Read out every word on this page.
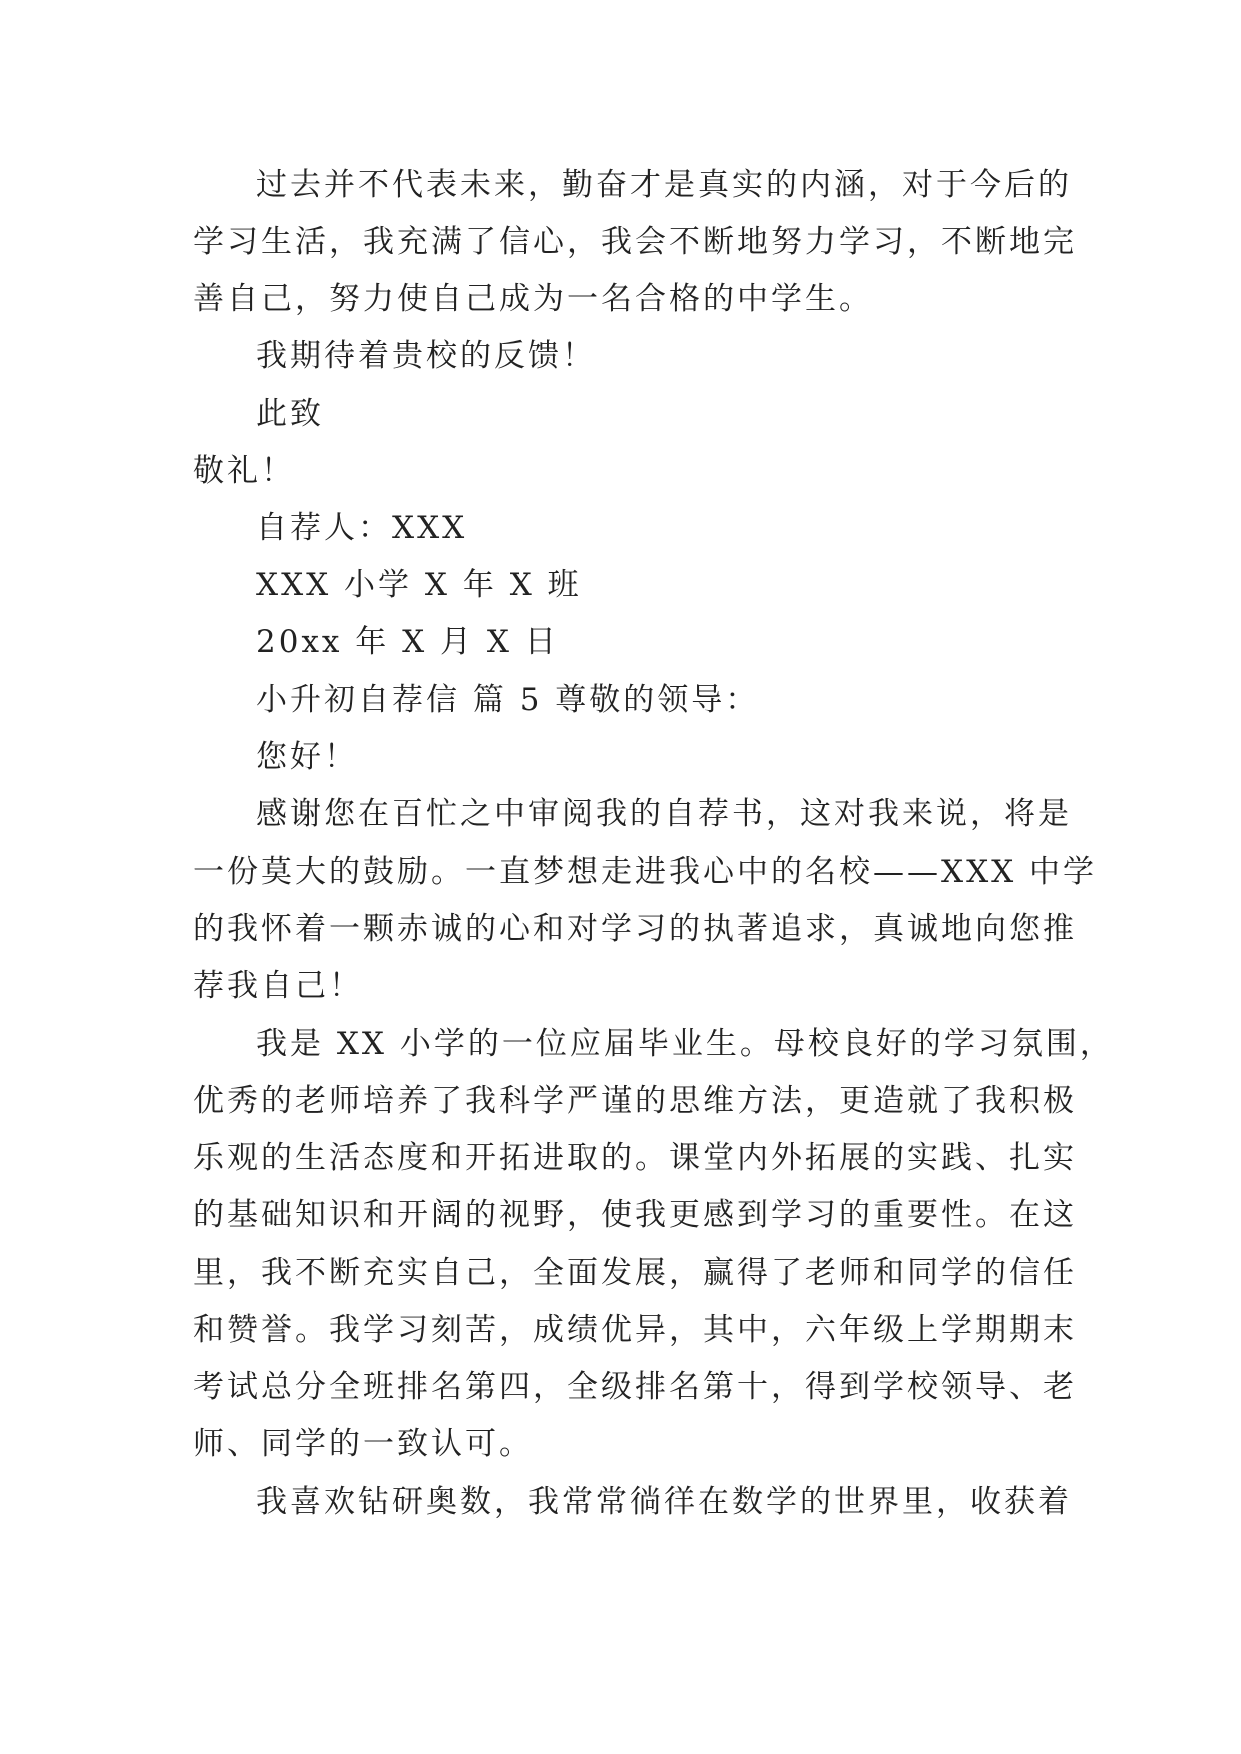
过去并不代表未来，勤奋才是真实的内涵，对于今后的
学习生活，我充满了信心，我会不断地努力学习，不断地完
善自己，努力使自己成为一名合格的中学生。
我期待着贵校的反馈！
此致
敬礼！
自荐人：XXX
XXX 小学 X 年 X 班
20xx 年 X 月 X 日
小升初自荐信 篇 5 尊敬的领导：
您好！
感谢您在百忙之中审阅我的自荐书，这对我来说，将是
一份莫大的鼓励。一直梦想走进我心中的名校——XXX 中学
的我怀着一颗赤诚的心和对学习的执著追求，真诚地向您推
荐我自己！
我是 XX 小学的一位应届毕业生。母校良好的学习氛围，
优秀的老师培养了我科学严谨的思维方法，更造就了我积极
乐观的生活态度和开拓进取的。课堂内外拓展的实践、扎实
的基础知识和开阔的视野，使我更感到学习的重要性。在这
里，我不断充实自己，全面发展，赢得了老师和同学的信任
和赞誉。我学习刻苦，成绩优异，其中，六年级上学期期末
考试总分全班排名第四，全级排名第十，得到学校领导、老
师、同学的一致认可。
我喜欢钻研奥数，我常常徜徉在数学的世界里，收获着
